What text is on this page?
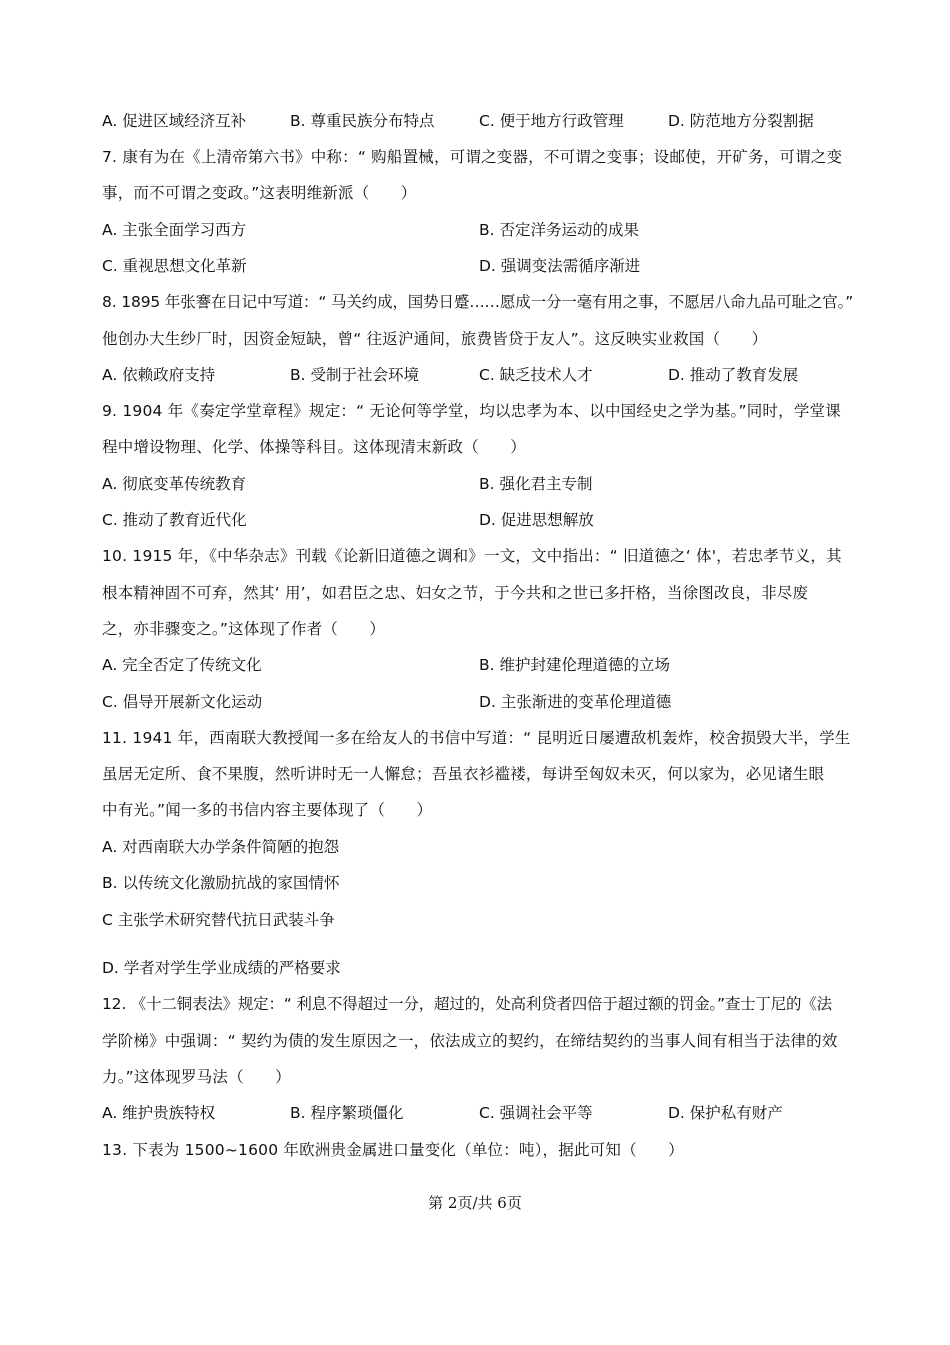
A. 促进区域经济互补	B. 尊重民族分布特点	C. 便于地方行政管理	D. 防范地方分裂割据
7. 康有为在《上清帝第六书》中称：“ 购船置械，可谓之变器，不可谓之变事；设邮使，开矿务，可谓之变
事，而不可谓之变政。”这表明维新派（　　）
A. 主张全面学习西方	B. 否定洋务运动的成果
C. 重视思想文化革新	D. 强调变法需循序渐进
8. 1895 年张謇在日记中写道：“ 马关约成，国势日蹙……愿成一分一毫有用之事，不愿居八命九品可耻之官。”
他创办大生纱厂时，因资金短缺，曾“ 往返沪通间，旅费皆贷于友人”。这反映实业救国（　　）
A. 依赖政府支持	B. 受制于社会环境	C. 缺乏技术人才	D. 推动了教育发展
9. 1904 年《奏定学堂章程》规定：“ 无论何等学堂，均以忠孝为本、以中国经史之学为基。”同时，学堂课
程中增设物理、化学、体操等科目。这体现清末新政（　　）
A. 彻底变革传统教育	B. 强化君主专制
C. 推动了教育近代化	D. 促进思想解放
10. 1915 年，《中华杂志》刊载《论新旧道德之调和》一文，文中指出：“ 旧道德之‘ 体'，若忠孝节义，其
根本精神固不可弃，然其‘ 用’，如君臣之忠、妇女之节，于今共和之世已多扞格，当徐图改良，非尽废
之，亦非骤变之。”这体现了作者（　　）
A. 完全否定了传统文化	B. 维护封建伦理道德的立场
C. 倡导开展新文化运动	D. 主张渐进的变革伦理道德
11. 1941 年，西南联大教授闻一多在给友人的书信中写道：“ 昆明近日屡遭敌机轰炸，校舍损毁大半，学生
虽居无定所、食不果腹，然听讲时无一人懈怠；吾虽衣衫褴褛，每讲至匈奴未灭，何以家为，必见诸生眼
中有光。”闻一多的书信内容主要体现了（　　）
A. 对西南联大办学条件简陋的抱怨
B. 以传统文化激励抗战的家国情怀
C 主张学术研究替代抗日武装斗争
D. 学者对学生学业成绩的严格要求
12. 《十二铜表法》规定：“ 利息不得超过一分，超过的，处高利贷者四倍于超过额的罚金。”查士丁尼的《法
学阶梯》中强调：“ 契约为债的发生原因之一，依法成立的契约，在缔结契约的当事人间有相当于法律的效
力。”这体现罗马法（　　）
A. 维护贵族特权	B. 程序繁琐僵化	C. 强调社会平等	D. 保护私有财产
13. 下表为 1500~1600 年欧洲贵金属进口量变化（单位：吨），据此可知（　　）
第 2页/共 6页
